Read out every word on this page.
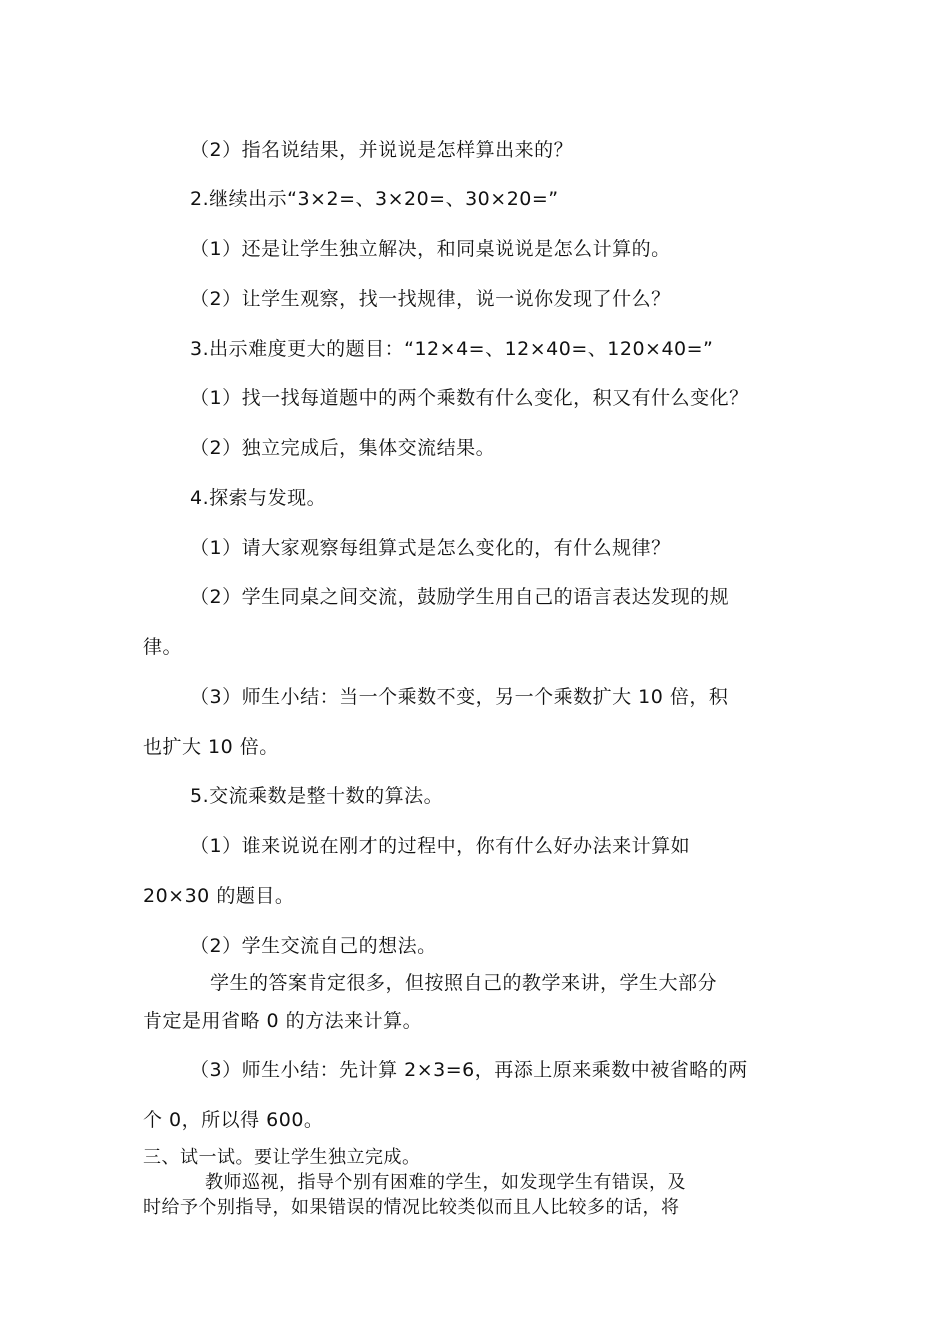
（2）指名说结果，并说说是怎样算出来的？
2.继续出示“3×2=、3×20=、30×20=”
（1）还是让学生独立解决，和同桌说说是怎么计算的。
（2）让学生观察，找一找规律，说一说你发现了什么？
3.出示难度更大的题目：“12×4=、12×40=、120×40=”
（1）找一找每道题中的两个乘数有什么变化，积又有什么变化？
（2）独立完成后，集体交流结果。
4.探索与发现。
（1）请大家观察每组算式是怎么变化的，有什么规律？
（2）学生同桌之间交流，鼓励学生用自己的语言表达发现的规
律。
（3）师生小结：当一个乘数不变，另一个乘数扩大 10 倍，积
也扩大 10 倍。
5.交流乘数是整十数的算法。
（1）谁来说说在刚才的过程中，你有什么好办法来计算如
20×30 的题目。
（2）学生交流自己的想法。
学生的答案肯定很多，但按照自己的教学来讲，学生大部分
肯定是用省略 0 的方法来计算。
（3）师生小结：先计算 2×3=6，再添上原来乘数中被省略的两
个 0，所以得 600。
三、试一试。要让学生独立完成。
教师巡视，指导个别有困难的学生，如发现学生有错误，及
时给予个别指导，如果错误的情况比较类似而且人比较多的话，将
